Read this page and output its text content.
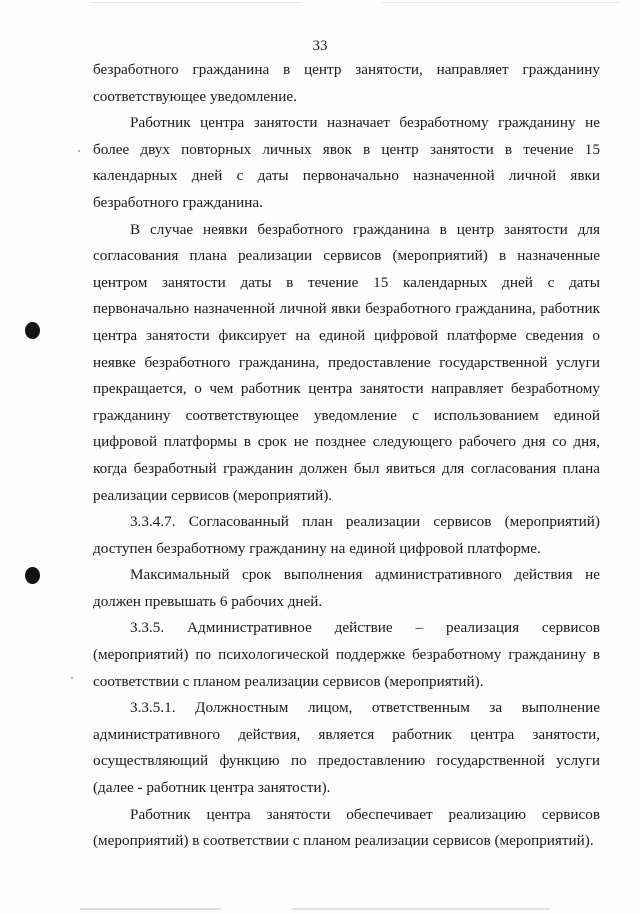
33

безработного гражданина в центр занятости, направляет гражданину соответствующее уведомление.

Работник центра занятости назначает безработному гражданину не более двух повторных личных явок в центр занятости в течение 15 календарных дней с даты первоначально назначенной личной явки безработного гражданина.

В случае неявки безработного гражданина в центр занятости для согласования плана реализации сервисов (мероприятий) в назначенные центром занятости даты в течение 15 календарных дней с даты первоначально назначенной личной явки безработного гражданина, работник центра занятости фиксирует на единой цифровой платформе сведения о неявке безработного гражданина, предоставление государственной услуги прекращается, о чем работник центра занятости направляет безработному гражданину соответствующее уведомление с использованием единой цифровой платформы в срок не позднее следующего рабочего дня со дня, когда безработный гражданин должен был явиться для согласования плана реализации сервисов (мероприятий).

3.3.4.7. Согласованный план реализации сервисов (мероприятий) доступен безработному гражданину на единой цифровой платформе.

Максимальный срок выполнения административного действия не должен превышать 6 рабочих дней.

3.3.5. Административное действие – реализация сервисов (мероприятий) по психологической поддержке безработному гражданину в соответствии с планом реализации сервисов (мероприятий).

3.3.5.1. Должностным лицом, ответственным за выполнение административного действия, является работник центра занятости, осуществляющий функцию по предоставлению государственной услуги (далее - работник центра занятости).

Работник центра занятости обеспечивает реализацию сервисов (мероприятий) в соответствии с планом реализации сервисов (мероприятий).
